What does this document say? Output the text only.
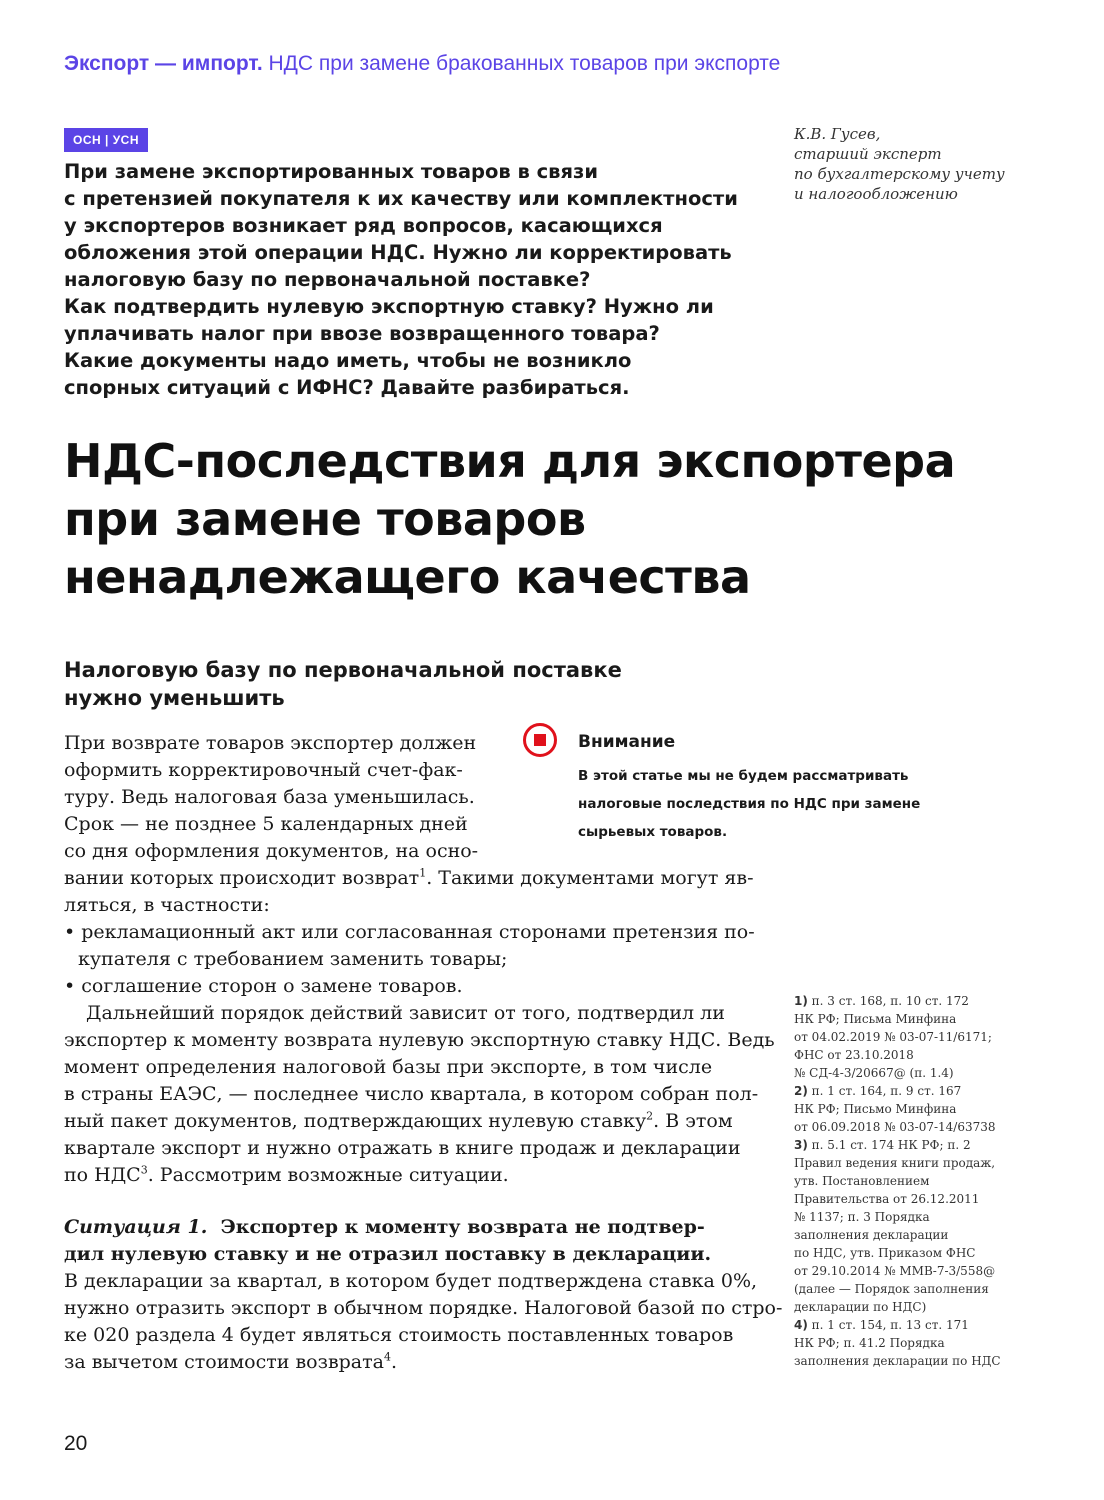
Экспорт — импорт. НДС при замене бракованных товаров при экспорте
ОСН | УСН	К.В. Гусев,
старший эксперт
по бухгалтерскому учету
и налогообложению
При замене экспортированных товаров в связи
с претензией покупателя к их качеству или комплектности
у экспортеров возникает ряд вопросов, касающихся
обложения этой операции НДС. Нужно ли корректировать
налоговую базу по первоначальной поставке?
Как подтвердить нулевую экспортную ставку? Нужно ли
уплачивать налог при ввозе возвращенного товара?
Какие документы надо иметь, чтобы не возникло
спорных ситуаций с ИФНС? Давайте разбираться.
НДС-последствия для экспортера
при замене товаров
ненадлежащего качества
Налоговую базу по первоначальной поставке
нужно уменьшить
При возврате товаров экспортер должен
оформить корректировочный счет-фак-
туру. Ведь налоговая база уменьшилась.
Срок — не позднее 5 календарных дней
со дня оформления документов, на осно-
Внимание
В этой статье мы не будем рассматривать
налоговые последствия по НДС при замене
сырьевых товаров.
вании которых происходит возврат$^1$. Такими документами могут яв-
ляться, в частности:
• рекламационный акт или согласованная сторонами претензия по-
купателя с требованием заменить товары;
• соглашение сторон о замене товаров.
Дальнейший порядок действий зависит от того, подтвердил ли
экспортер к моменту возврата нулевую экспортную ставку НДС. Ведь
момент определения налоговой базы при экспорте, в том числе
в страны ЕАЭС, — последнее число квартала, в котором собран пол-
ный пакет документов, подтверждающих нулевую ставку$^2$. В этом
квартале экспорт и нужно отражать в книге продаж и декларации
по НДС$^3$. Рассмотрим возможные ситуации.
Ситуация 1. Экспортер к моменту возврата не подтвер-
дил нулевую ставку и не отразил поставку в декларации.
В декларации за квартал, в котором будет подтверждена ставка 0%,
нужно отразить экспорт в обычном порядке. Налоговой базой по стро-
ке 020 раздела 4 будет являться стоимость поставленных товаров
за вычетом стоимости возврата$^4$.
1) п. 3 ст. 168, п. 10 ст. 172
НК РФ; Письма Минфина
от 04.02.2019 № 03-07-11/6171;
ФНС от 23.10.2018
№ СД-4-3/20667@ (п. 1.4)
2) п. 1 ст. 164, п. 9 ст. 167
НК РФ; Письмо Минфина
от 06.09.2018 № 03-07-14/63738
3) п. 5.1 ст. 174 НК РФ; п. 2
Правил ведения книги продаж,
утв. Постановлением
Правительства от 26.12.2011
№ 1137; п. 3 Порядка
заполнения декларации
по НДС, утв. Приказом ФНС
от 29.10.2014 № ММВ-7-3/558@
(далее — Порядок заполнения
декларации по НДС)
4) п. 1 ст. 154, п. 13 ст. 171
НК РФ; п. 41.2 Порядка
заполнения декларации по НДС
20
